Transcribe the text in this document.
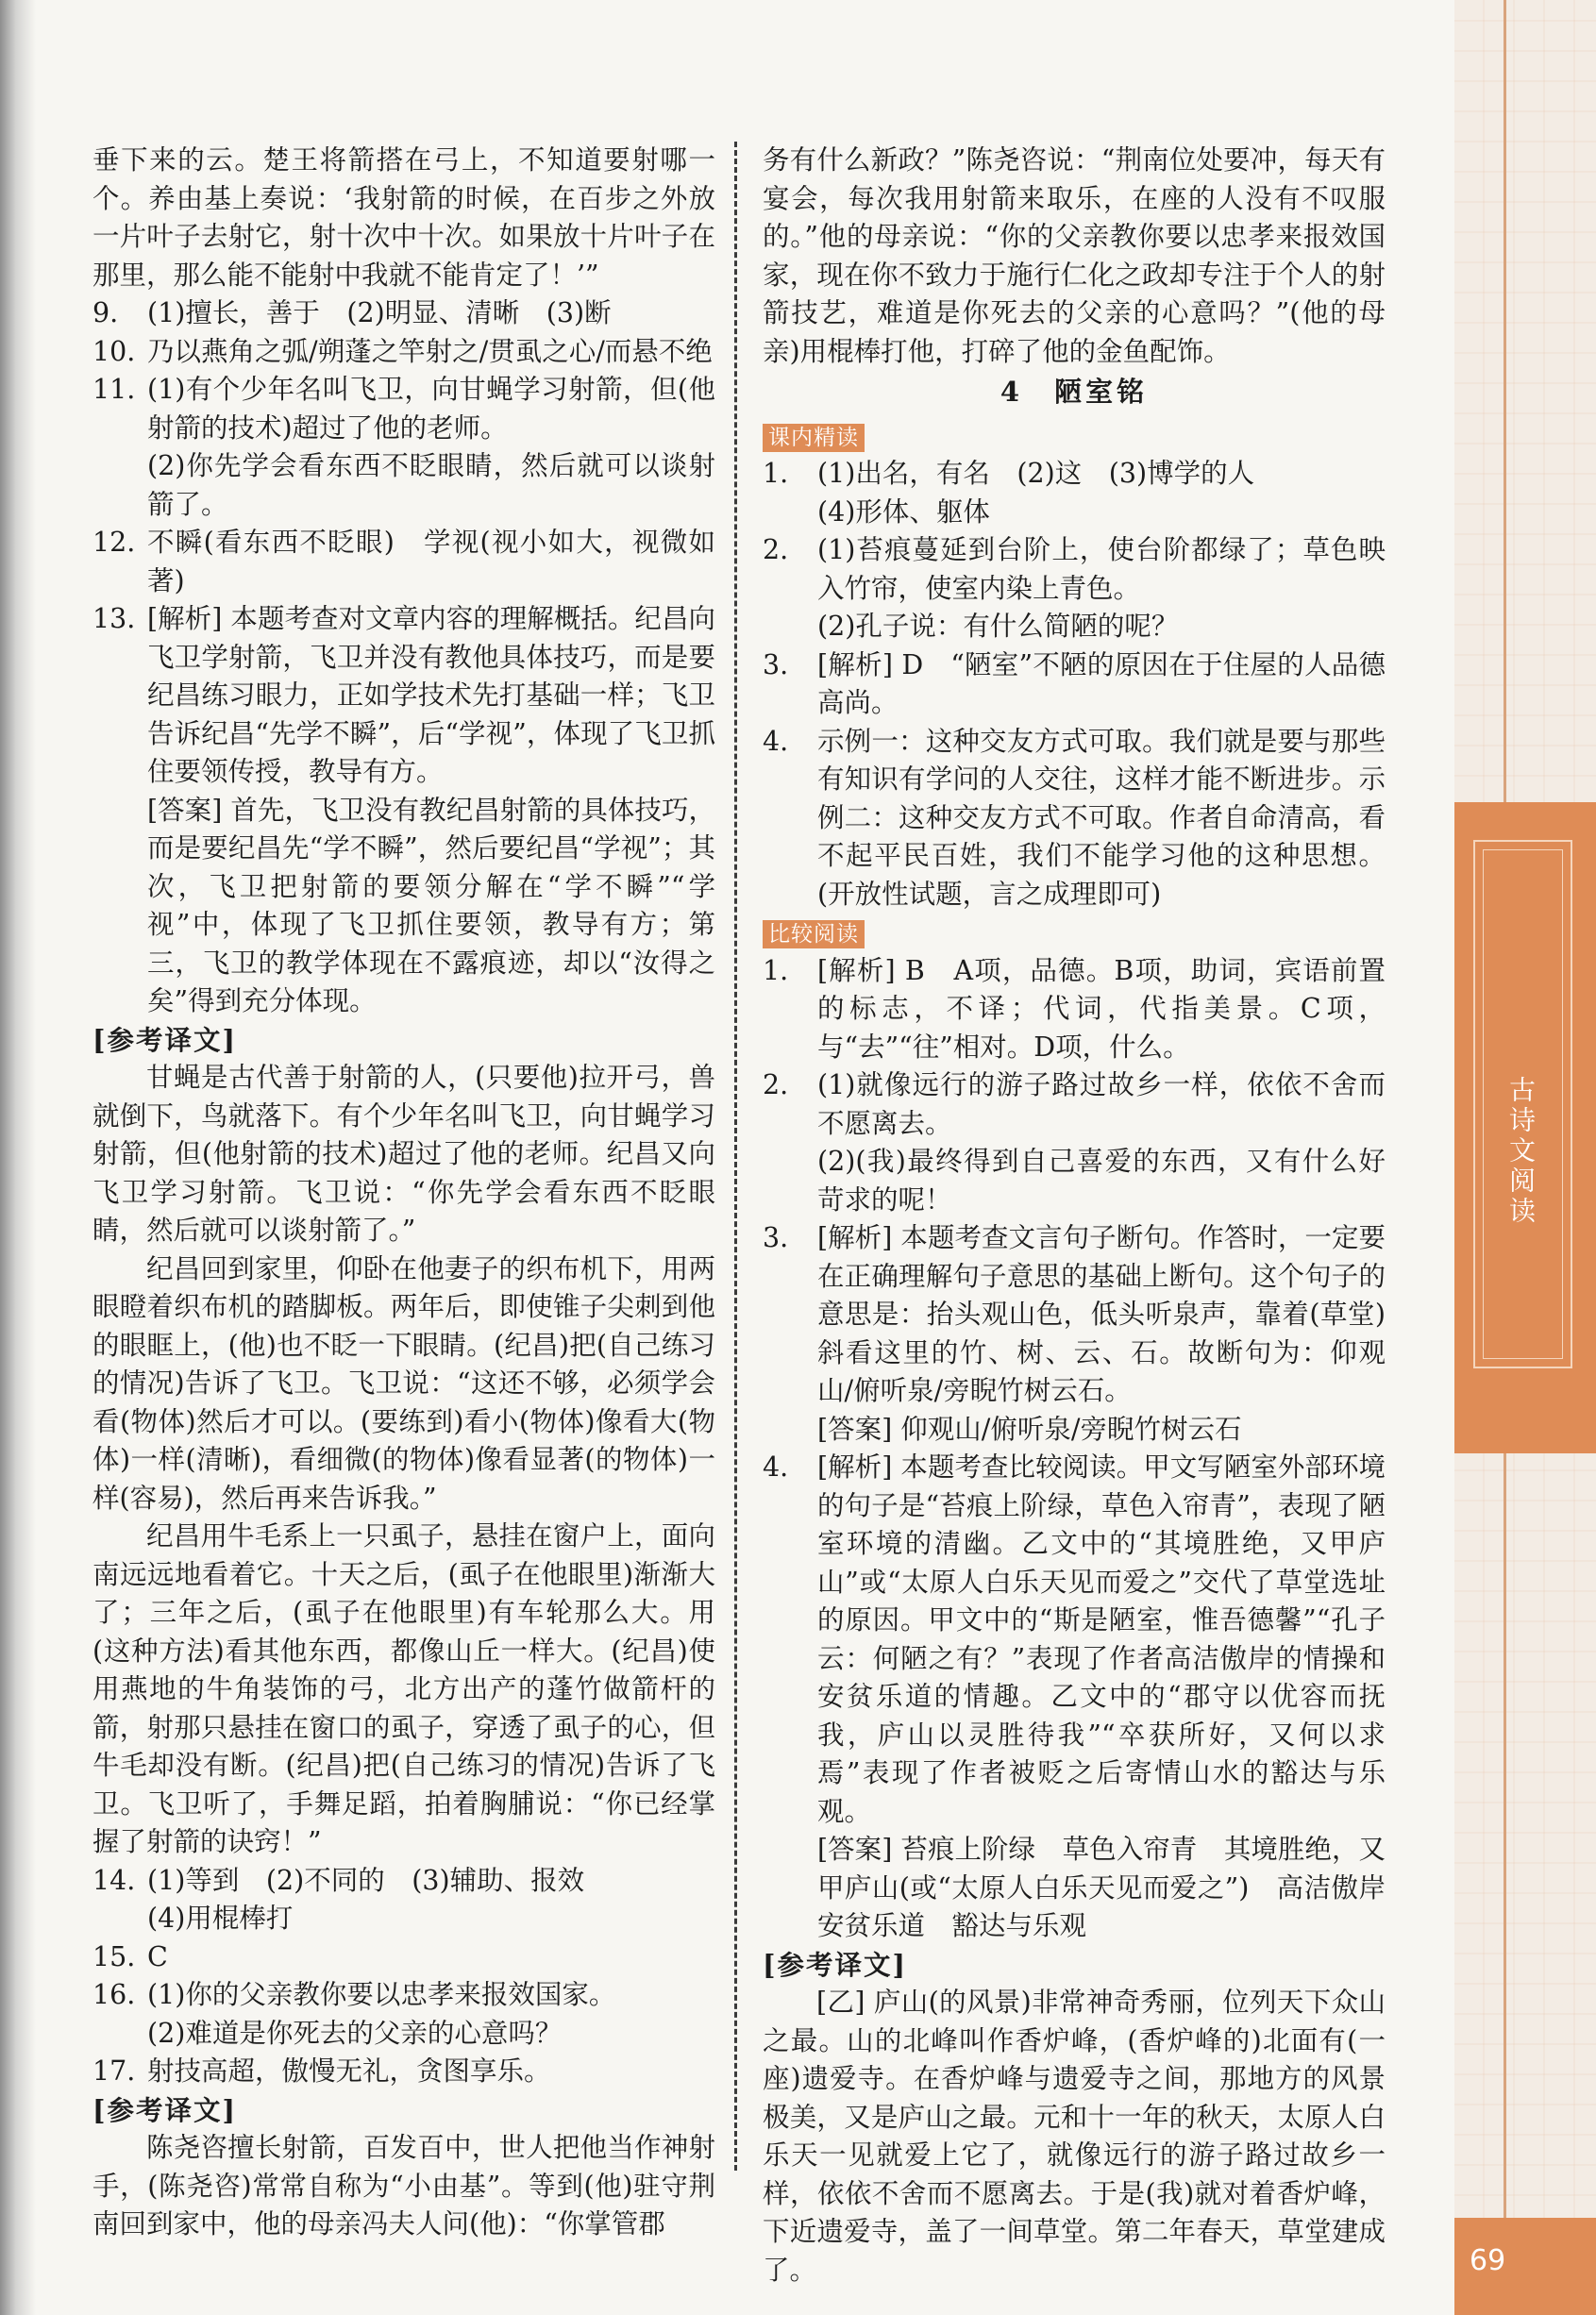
垂下来的云。楚王将箭搭在弓上，不知道要射哪一个。养由基上奏说：‘我射箭的时候，在百步之外放一片叶子去射它，射十次中十次。如果放十片叶子在那里，那么能不能射中我就不能肯定了！’”
9. (1)擅长，善于　(2)明显、清晰　(3)断
10. 乃以燕角之弧/朔蓬之竿射之/贯虱之心/而悬不绝
11. (1)有个少年名叫飞卫，向甘蝇学习射箭，但(他射箭的技术)超过了他的老师。
(2)你先学会看东西不眨眼睛，然后就可以谈射箭了。
12. 不瞬(看东西不眨眼)　学视(视小如大，视微如著)
13. [解析] 本题考查对文章内容的理解概括。纪昌向飞卫学射箭，飞卫并没有教他具体技巧，而是要纪昌练习眼力，正如学技术先打基础一样；飞卫告诉纪昌“先学不瞬”，后“学视”，体现了飞卫抓住要领传授，教导有方。
[答案] 首先，飞卫没有教纪昌射箭的具体技巧，而是要纪昌先“学不瞬”，然后要纪昌“学视”；其次，飞卫把射箭的要领分解在“学不瞬”“学视”中，体现了飞卫抓住要领，教导有方；第三，飞卫的教学体现在不露痕迹，却以“汝得之矣”得到充分体现。
[参考译文]
甘蝇是古代善于射箭的人，(只要他)拉开弓，兽就倒下，鸟就落下。有个少年名叫飞卫，向甘蝇学习射箭，但(他射箭的技术)超过了他的老师。纪昌又向飞卫学习射箭。飞卫说：“你先学会看东西不眨眼睛，然后就可以谈射箭了。”
纪昌回到家里，仰卧在他妻子的织布机下，用两眼瞪着织布机的踏脚板。两年后，即使锥子尖刺到他的眼眶上，(他)也不眨一下眼睛。(纪昌)把(自己练习的情况)告诉了飞卫。飞卫说：“这还不够，必须学会看(物体)然后才可以。(要练到)看小(物体)像看大(物体)一样(清晰)，看细微(的物体)像看显著(的物体)一样(容易)，然后再来告诉我。”
纪昌用牛毛系上一只虱子，悬挂在窗户上，面向南远远地看着它。十天之后，(虱子在他眼里)渐渐大了；三年之后，(虱子在他眼里)有车轮那么大。用(这种方法)看其他东西，都像山丘一样大。(纪昌)使用燕地的牛角装饰的弓，北方出产的蓬竹做箭杆的箭，射那只悬挂在窗口的虱子，穿透了虱子的心，但牛毛却没有断。(纪昌)把(自己练习的情况)告诉了飞卫。飞卫听了，手舞足蹈，拍着胸脯说：“你已经掌握了射箭的诀窍！”
14. (1)等到　(2)不同的　(3)辅助、报效
(4)用棍棒打
15. C
16. (1)你的父亲教你要以忠孝来报效国家。
(2)难道是你死去的父亲的心意吗？
17. 射技高超，傲慢无礼，贪图享乐。
[参考译文]
陈尧咨擅长射箭，百发百中，世人把他当作神射手，(陈尧咨)常常自称为“小由基”。等到(他)驻守荆南回到家中，他的母亲冯夫人问(他)：“你掌管郡
务有什么新政？”陈尧咨说：“荆南位处要冲，每天有宴会，每次我用射箭来取乐，在座的人没有不叹服的。”他的母亲说：“你的父亲教你要以忠孝来报效国家，现在你不致力于施行仁化之政却专注于个人的射箭技艺，难道是你死去的父亲的心意吗？”(他的母亲)用棍棒打他，打碎了他的金鱼配饰。
4　陋室铭
课内精读
1. (1)出名，有名　(2)这　(3)博学的人
(4)形体、躯体
2. (1)苔痕蔓延到台阶上，使台阶都绿了；草色映入竹帘，使室内染上青色。
(2)孔子说：有什么简陋的呢？
3. [解析] D　“陋室”不陋的原因在于住屋的人品德高尚。
4. 示例一：这种交友方式可取。我们就是要与那些有知识有学问的人交往，这样才能不断进步。示例二：这种交友方式不可取。作者自命清高，看不起平民百姓，我们不能学习他的这种思想。(开放性试题，言之成理即可)
比较阅读
1. [解析] B　A项，品德。B项，助词，宾语前置的标志，不译；代词，代指美景。C项，与“去”“往”相对。D项，什么。
2. (1)就像远行的游子路过故乡一样，依依不舍而不愿离去。
(2)(我)最终得到自己喜爱的东西，又有什么好苛求的呢！
3. [解析] 本题考查文言句子断句。作答时，一定要在正确理解句子意思的基础上断句。这个句子的意思是：抬头观山色，低头听泉声，靠着(草堂)斜看这里的竹、树、云、石。故断句为：仰观山/俯听泉/旁睨竹树云石。
[答案] 仰观山/俯听泉/旁睨竹树云石
4. [解析] 本题考查比较阅读。甲文写陋室外部环境的句子是“苔痕上阶绿，草色入帘青”，表现了陋室环境的清幽。乙文中的“其境胜绝，又甲庐山”或“太原人白乐天见而爱之”交代了草堂选址的原因。甲文中的“斯是陋室，惟吾德馨”“孔子云：何陋之有？”表现了作者高洁傲岸的情操和安贫乐道的情趣。乙文中的“郡守以优容而抚我，庐山以灵胜待我”“卒获所好，又何以求焉”表现了作者被贬之后寄情山水的豁达与乐观。
[答案] 苔痕上阶绿　草色入帘青　其境胜绝，又甲庐山(或“太原人白乐天见而爱之”)　高洁傲岸　安贫乐道　豁达与乐观
[参考译文]
[乙] 庐山(的风景)非常神奇秀丽，位列天下众山之最。山的北峰叫作香炉峰，(香炉峰的)北面有(一座)遗爱寺。在香炉峰与遗爱寺之间，那地方的风景极美，又是庐山之最。元和十一年的秋天，太原人白乐天一见就爱上它了，就像远行的游子路过故乡一样，依依不舍而不愿离去。于是(我)就对着香炉峰，下近遗爱寺，盖了一间草堂。第二年春天，草堂建成了。
古诗文阅读
69
